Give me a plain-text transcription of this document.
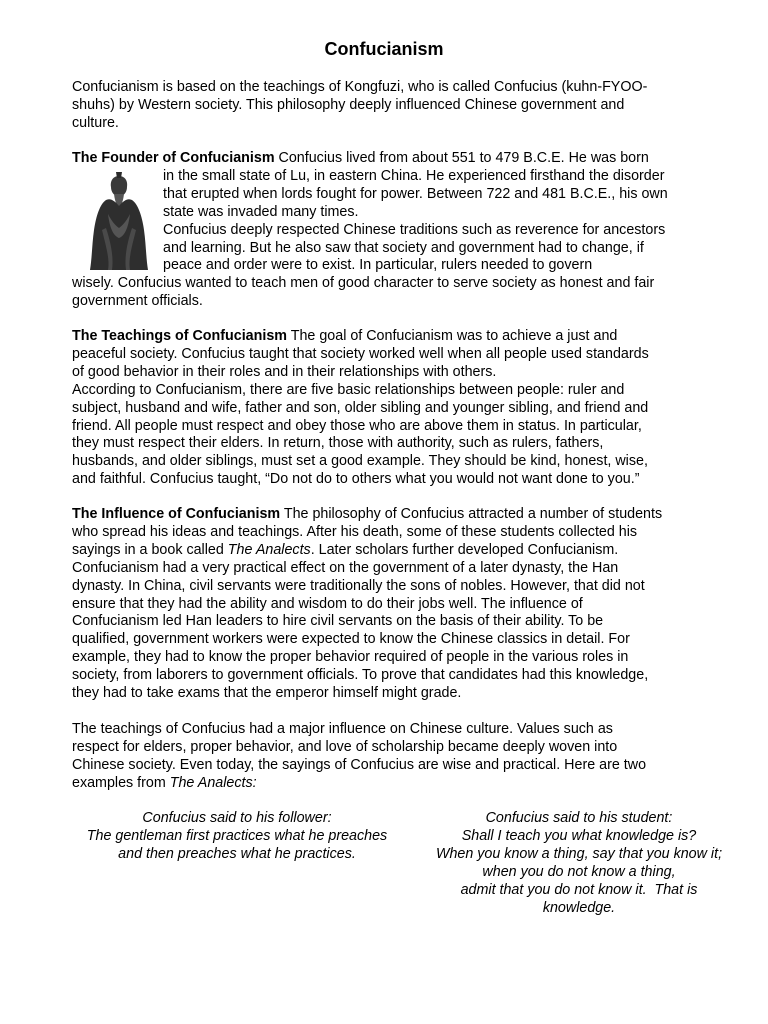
Confucianism
Confucianism is based on the teachings of Kongfuzi, who is called Confucius (kuhn-FYOO-
shuhs) by Western society. This philosophy deeply influenced Chinese government and
culture.
The Founder of Confucianism Confucius lived from about 551 to 479 B.C.E. He was born
in the small state of Lu, in eastern China. He experienced firsthand the disorder
that erupted when lords fought for power. Between 722 and 481 B.C.E., his own
state was invaded many times.
Confucius deeply respected Chinese traditions such as reverence for ancestors
and learning. But he also saw that society and government had to change, if
peace and order were to exist. In particular, rulers needed to govern
wisely. Confucius wanted to teach men of good character to serve society as honest and fair
government officials.
The Teachings of Confucianism The goal of Confucianism was to achieve a just and
peaceful society. Confucius taught that society worked well when all people used standards
of good behavior in their roles and in their relationships with others.
According to Confucianism, there are five basic relationships between people: ruler and
subject, husband and wife, father and son, older sibling and younger sibling, and friend and
friend. All people must respect and obey those who are above them in status. In particular,
they must respect their elders. In return, those with authority, such as rulers, fathers,
husbands, and older siblings, must set a good example. They should be kind, honest, wise,
and faithful. Confucius taught, “Do not do to others what you would not want done to you.”
The Influence of Confucianism The philosophy of Confucius attracted a number of students
who spread his ideas and teachings. After his death, some of these students collected his
sayings in a book called The Analects. Later scholars further developed Confucianism.
Confucianism had a very practical effect on the government of a later dynasty, the Han
dynasty. In China, civil servants were traditionally the sons of nobles. However, that did not
ensure that they had the ability and wisdom to do their jobs well. The influence of
Confucianism led Han leaders to hire civil servants on the basis of their ability. To be
qualified, government workers were expected to know the Chinese classics in detail. For
example, they had to know the proper behavior required of people in the various roles in
society, from laborers to government officials. To prove that candidates had this knowledge,
they had to take exams that the emperor himself might grade.
The teachings of Confucius had a major influence on Chinese culture. Values such as
respect for elders, proper behavior, and love of scholarship became deeply woven into
Chinese society. Even today, the sayings of Confucius are wise and practical. Here are two
examples from The Analects:
Confucius said to his follower:
The gentleman first practices what he preaches
and then preaches what he practices.
Confucius said to his student:
Shall I teach you what knowledge is?
When you know a thing, say that you know it;
when you do not know a thing,
admit that you do not know it.  That is
knowledge.
